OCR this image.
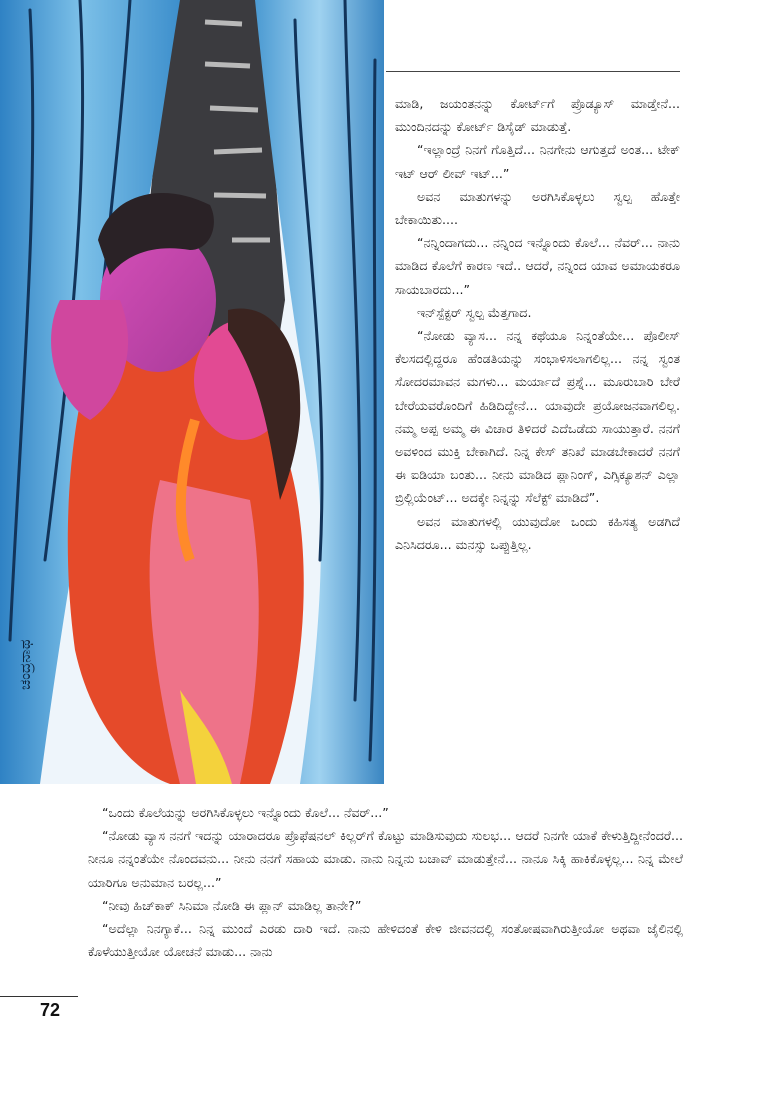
ಚಂದ್ರನಾಥ

ಮಾಡಿ, ಜಯಂತನನ್ನು ಕೋರ್ಟ್‌ಗೆ ಪ್ರೊಡ್ಯೂಸ್ ಮಾಡ್ತೇನೆ... ಮುಂದಿನದನ್ನು ಕೋರ್ಟ್ ಡಿಸೈಡ್ ಮಾಡುತ್ತೆ.

“ಇಲ್ಲಾಂದ್ರೆ ನಿನಗೆ ಗೊತ್ತಿದೆ... ನಿನಗೇನು ಆಗುತ್ತದೆ ಅಂತ... ಟೇಕ್ ಇಟ್ ಆರ್ ಲೀವ್ ಇಟ್...”

ಅವನ ಮಾತುಗಳನ್ನು ಅರಗಿಸಿಕೊಳ್ಳಲು ಸ್ವಲ್ಪ ಹೊತ್ತೇ ಬೇಕಾಯಿತು....

“ನನ್ನಿಂದಾಗದು... ನನ್ನಿಂದ ಇನ್ನೊಂದು ಕೊಲೆ... ನೆವರ್... ನಾನು ಮಾಡಿದ ಕೊಲೆಗೆ ಕಾರಣ ಇದೆ.. ಆದರೆ, ನನ್ನಿಂದ ಯಾವ ಅಮಾಯಕರೂ ಸಾಯಬಾರದು...”

ಇನ್‌ಸ್ಪೆಕ್ಟರ್ ಸ್ವಲ್ಪ ಮೆತ್ತಗಾದ.

“ನೋಡು ವ್ಯಾಸ... ನನ್ನ ಕಥೆಯೂ ನಿನ್ನಂತೆಯೇ... ಪೊಲೀಸ್ ಕೆಲಸದಲ್ಲಿದ್ದರೂ ಹೆಂಡತಿಯನ್ನು ಸಂಭಾಳಿಸಲಾಗಲಿಲ್ಲ... ನನ್ನ ಸ್ವಂತ ಸೋದರಮಾವನ ಮಗಳು... ಮರ್ಯಾದೆ ಪ್ರಶ್ನೆ... ಮೂರುಬಾರಿ ಬೇರೆ ಬೇರೆಯವರೊಂದಿಗೆ ಹಿಡಿದಿದ್ದೇನೆ... ಯಾವುದೇ ಪ್ರಯೋಜನವಾಗಲಿಲ್ಲ. ನಮ್ಮ ಅಪ್ಪ ಅಮ್ಮ ಈ ವಿಚಾರ ತಿಳಿದರೆ ಎದೆಒಡೆದು ಸಾಯುತ್ತಾರೆ. ನನಗೆ ಅವಳಿಂದ ಮುಕ್ತಿ ಬೇಕಾಗಿದೆ. ನಿನ್ನ ಕೇಸ್ ತನಿಖೆ ಮಾಡಬೇಕಾದರೆ ನನಗೆ ಈ ಐಡಿಯಾ ಬಂತು... ನೀನು ಮಾಡಿದ ಪ್ಲಾನಿಂಗ್, ಎಗ್ಸಿಕ್ಯೂಶನ್ ಎಲ್ಲಾ ಬ್ರಿಲ್ಲಿಯೆಂಟ್... ಅದಕ್ಕೇ ನಿನ್ನನ್ನು ಸೆಲೆಕ್ಟ್ ಮಾಡಿದೆ”.

ಅವನ ಮಾತುಗಳಲ್ಲಿ ಯುವುದೋ ಒಂದು ಕಹಿಸತ್ಯ ಅಡಗಿದೆ ಎನಿಸಿದರೂ... ಮನಸ್ಸು ಒಪ್ಪುತ್ತಿಲ್ಲ.

“ಒಂದು ಕೊಲೆಯನ್ನು ಅರಗಿಸಿಕೊಳ್ಳಲು ಇನ್ನೊಂದು ಕೊಲೆ... ನೆವರ್...”

“ನೋಡು ವ್ಯಾಸ ನನಗೆ ಇದನ್ನು ಯಾರಾದರೂ ಪ್ರೊಫೆಷನಲ್ ಕಿಲ್ಲರ್‌ಗೆ ಕೊಟ್ಟು ಮಾಡಿಸುವುದು ಸುಲಭ... ಆದರೆ ನಿನಗೇ ಯಾಕೆ ಕೇಳುತ್ತಿದ್ದೀನೆಂದರೆ... ನೀನೂ ನನ್ನಂತೆಯೇ ನೊಂದವನು... ನೀನು ನನಗೆ ಸಹಾಯ ಮಾಡು. ನಾನು ನಿನ್ನನು ಬಚಾವ್ ಮಾಡುತ್ತೇನೆ... ನಾನೂ ಸಿಕ್ಕಿ ಹಾಕಿಕೊಳ್ಳಲ್ಲ... ನಿನ್ನ ಮೇಲೆ ಯಾರಿಗೂ ಅನುಮಾನ ಬರಲ್ಲ...”

“ನೀವು ಹಿಚ್‌ಕಾಕ್ ಸಿನಿಮಾ ನೋಡಿ ಈ ಪ್ಲಾನ್ ಮಾಡಿಲ್ಲ ತಾನೇ?”

“ಅದೆಲ್ಲಾ ನಿನಗ್ಯಾಕೆ... ನಿನ್ನ ಮುಂದೆ ಎರಡು ದಾರಿ ಇದೆ. ನಾನು ಹೇಳಿದಂತೆ ಕೇಳಿ ಜೀವನದಲ್ಲಿ ಸಂತೋಷವಾಗಿರುತ್ತೀಯೋ ಅಥವಾ ಜೈಲಿನಲ್ಲಿ ಕೊಳೆಯುತ್ತೀಯೋ ಯೋಚನೆ ಮಾಡು... ನಾನು

72
